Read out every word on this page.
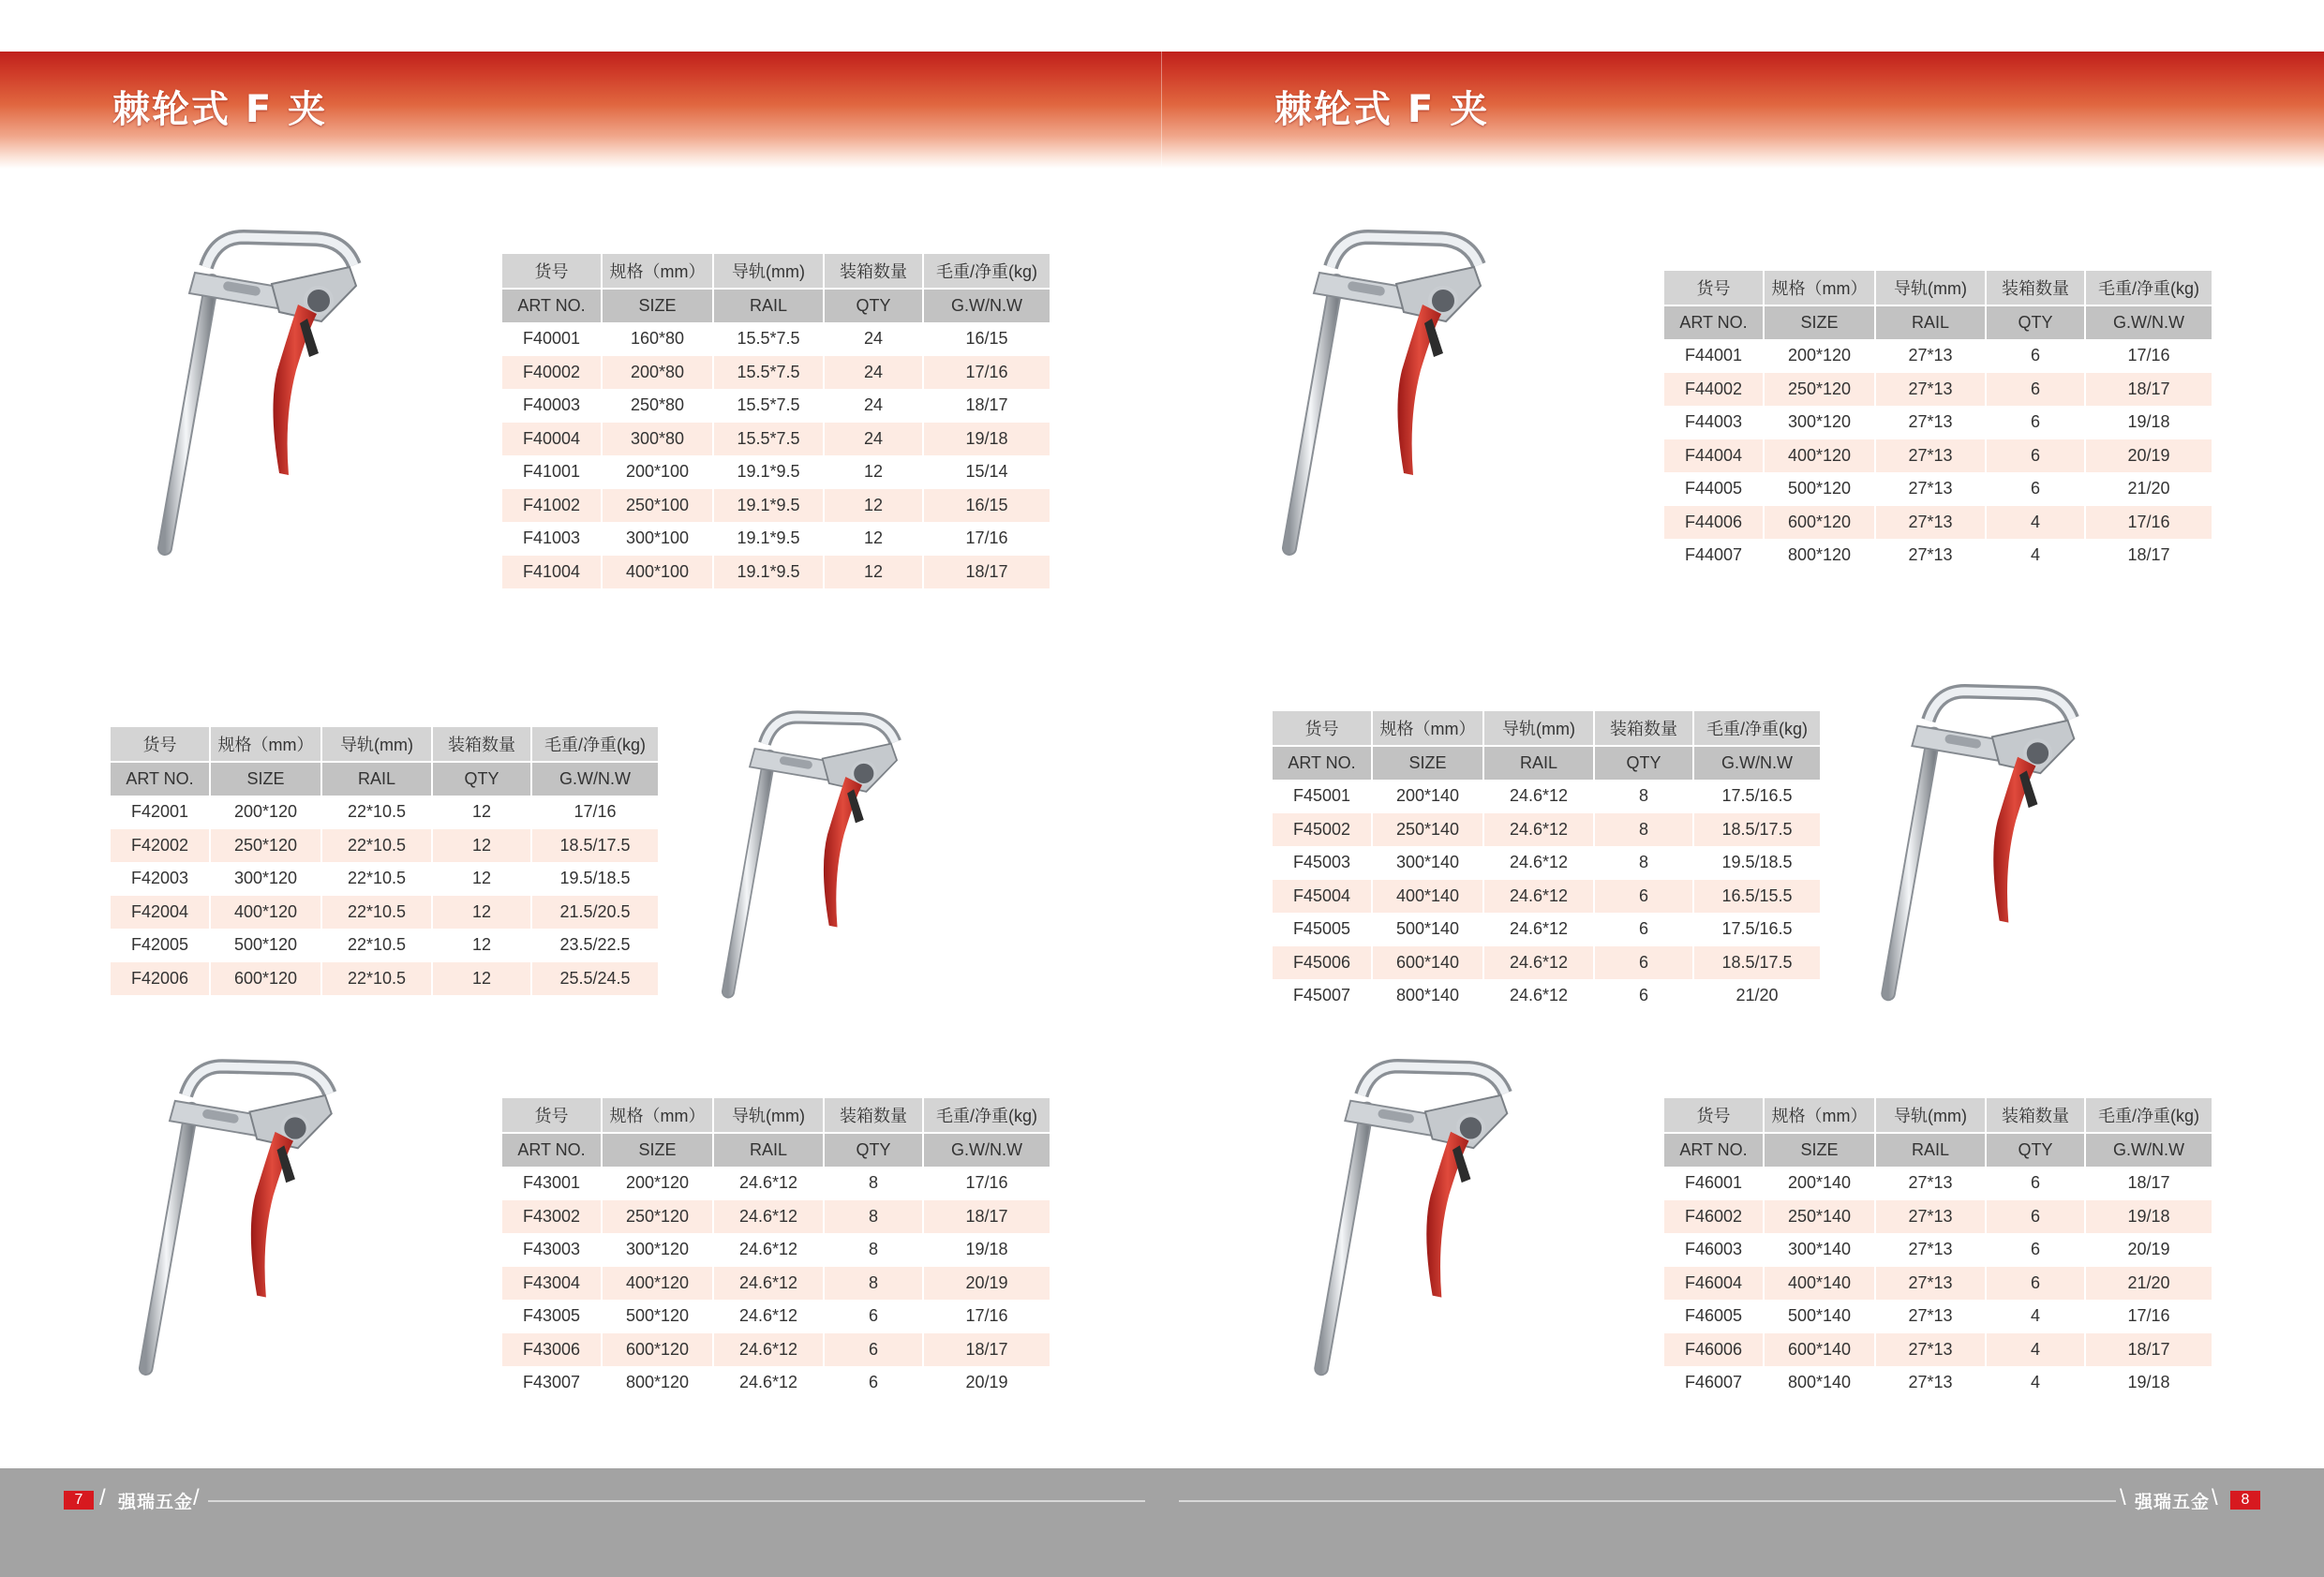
棘轮式 F 夹	棘轮式 F 夹
货号	规格（mm）	导轨(mm)	装箱数量	毛重/净重(kg)
ART NO.	SIZE	RAIL	QTY	G.W/N.W
F40001	160*80	15.5*7.5	24	16/15
F40002	200*80	15.5*7.5	24	17/16
F40003	250*80	15.5*7.5	24	18/17
F40004	300*80	15.5*7.5	24	19/18
F41001	200*100	19.1*9.5	12	15/14
F41002	250*100	19.1*9.5	12	16/15
F41003	300*100	19.1*9.5	12	17/16
F41004	400*100	19.1*9.5	12	18/17
货号	规格（mm）	导轨(mm)	装箱数量	毛重/净重(kg)
ART NO.	SIZE	RAIL	QTY	G.W/N.W
F42001	200*120	22*10.5	12	17/16
F42002	250*120	22*10.5	12	18.5/17.5
F42003	300*120	22*10.5	12	19.5/18.5
F42004	400*120	22*10.5	12	21.5/20.5
F42005	500*120	22*10.5	12	23.5/22.5
F42006	600*120	22*10.5	12	25.5/24.5
货号	规格（mm）	导轨(mm)	装箱数量	毛重/净重(kg)
ART NO.	SIZE	RAIL	QTY	G.W/N.W
F43001	200*120	24.6*12	8	17/16
F43002	250*120	24.6*12	8	18/17
F43003	300*120	24.6*12	8	19/18
F43004	400*120	24.6*12	8	20/19
F43005	500*120	24.6*12	6	17/16
F43006	600*120	24.6*12	6	18/17
F43007	800*120	24.6*12	6	20/19
货号	规格（mm）	导轨(mm)	装箱数量	毛重/净重(kg)
ART NO.	SIZE	RAIL	QTY	G.W/N.W
F44001	200*120	27*13	6	17/16
F44002	250*120	27*13	6	18/17
F44003	300*120	27*13	6	19/18
F44004	400*120	27*13	6	20/19
F44005	500*120	27*13	6	21/20
F44006	600*120	27*13	4	17/16
F44007	800*120	27*13	4	18/17
货号	规格（mm）	导轨(mm)	装箱数量	毛重/净重(kg)
ART NO.	SIZE	RAIL	QTY	G.W/N.W
F45001	200*140	24.6*12	8	17.5/16.5
F45002	250*140	24.6*12	8	18.5/17.5
F45003	300*140	24.6*12	8	19.5/18.5
F45004	400*140	24.6*12	6	16.5/15.5
F45005	500*140	24.6*12	6	17.5/16.5
F45006	600*140	24.6*12	6	18.5/17.5
F45007	800*140	24.6*12	6	21/20
货号	规格（mm）	导轨(mm)	装箱数量	毛重/净重(kg)
ART NO.	SIZE	RAIL	QTY	G.W/N.W
F46001	200*140	27*13	6	18/17
F46002	250*140	27*13	6	19/18
F46003	300*140	27*13	6	20/19
F46004	400*140	27*13	6	21/20
F46005	500*140	27*13	4	17/16
F46006	600*140	27*13	4	18/17
F46007	800*140	27*13	4	19/18
7 / 强瑞五金 /	\ 强瑞五金 \	8
